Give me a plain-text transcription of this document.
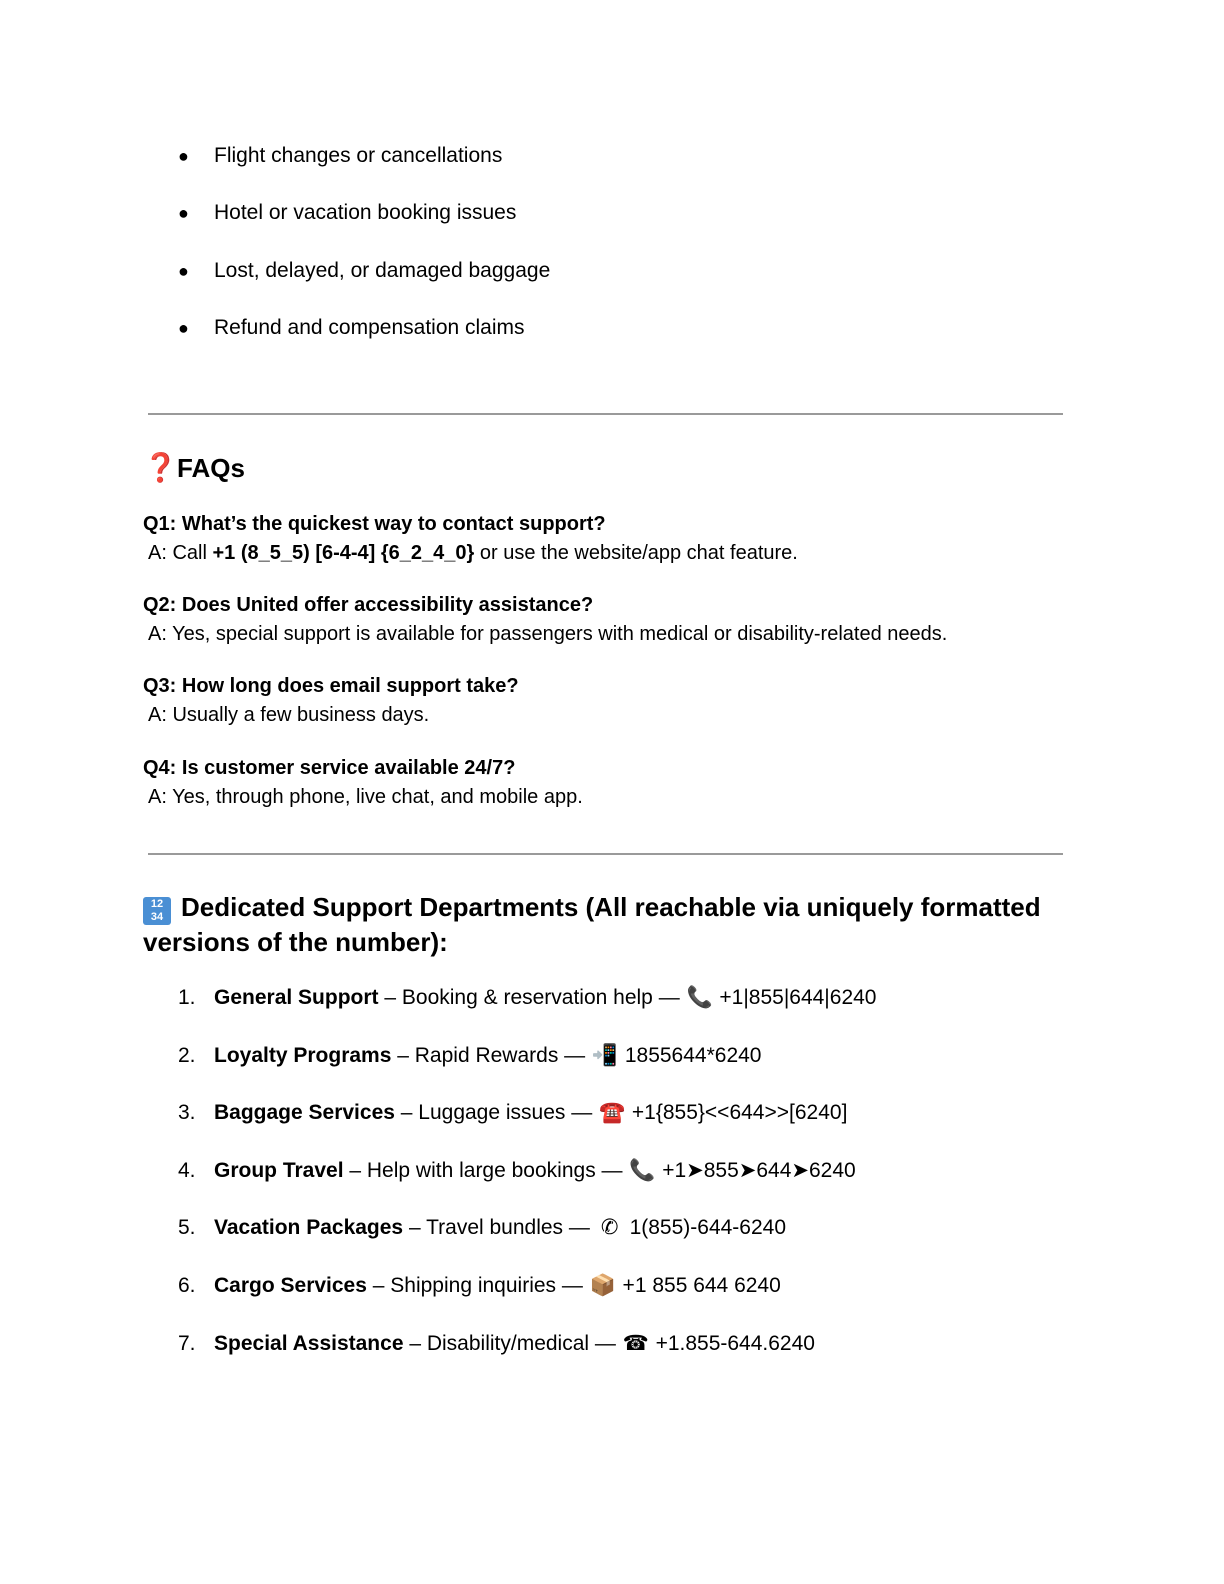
● Flight changes or cancellations
● Hotel or vacation booking issues
● Lost, delayed, or damaged baggage
● Refund and compensation claims
❓FAQs
Q1: What’s the quickest way to contact support?
A: Call +1 (8_5_5) [6-4-4] {6_2_4_0} or use the website/app chat feature.
Q2: Does United offer accessibility assistance?
A: Yes, special support is available for passengers with medical or disability-related needs.
Q3: How long does email support take?
A: Usually a few business days.
Q4: Is customer service available 24/7?
A: Yes, through phone, live chat, and mobile app.
12
34 Dedicated Support Departments (All reachable via uniquely formatted versions of the number):
1. General Support – Booking & reservation help — 📞 +1|855|644|6240
2. Loyalty Programs – Rapid Rewards — 📲 1855644*6240
3. Baggage Services – Luggage issues — ☎️ +1{855}<<644>>[6240]
4. Group Travel – Help with large bookings — 📞 +1➤855➤644➤6240
5. Vacation Packages – Travel bundles — ✆ 1(855)-644-6240
6. Cargo Services – Shipping inquiries — 📦 +1 855 644 6240
7. Special Assistance – Disability/medical — ☎ +1.855-644.6240
